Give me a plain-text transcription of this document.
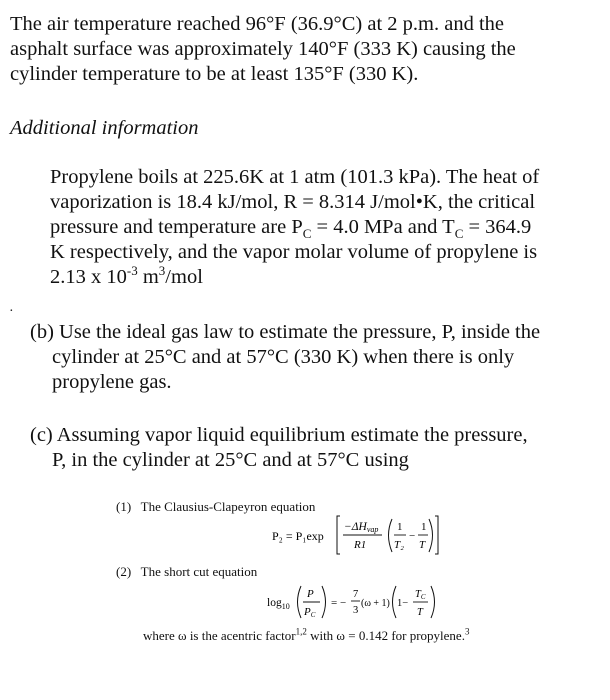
The air temperature reached 96°F (36.9°C) at 2 p.m. and the
asphalt surface was approximately 140°F (333 K) causing the
cylinder temperature to be at least 135°F (330 K).
Additional information
Propylene boils at 225.6K at 1 atm (101.3 kPa). The heat of
vaporization is 18.4 kJ/mol, R = 8.314 J/mol•K, the critical
pressure and temperature are $P_C = 4.0$ MPa and $T_C = 364.9$
K respectively, and the vapor molar volume of propylene is
2.13 x $10^{-3}$ $m^3$/mol
·
(b) Use the ideal gas law to estimate the pressure, P, inside the
cylinder at 25°C and at 57°C (330 K) when there is only
propylene gas.
(c) Assuming vapor liquid equilibrium estimate the pressure,
P, in the cylinder at 25°C and at 57°C using
(1)   The Clausius-Clapeyron equation
P₂ = P₁exp
−ΔHvap
R1
1
T₂
−
1
T
(2)   The short cut equation
$\log_{10}$
P
PC
= −
7
3
(ω + 1) 1−
TC
T
where ω is the acentric factor$^{1,2}$ with ω = 0.142 for propylene.$^3$
